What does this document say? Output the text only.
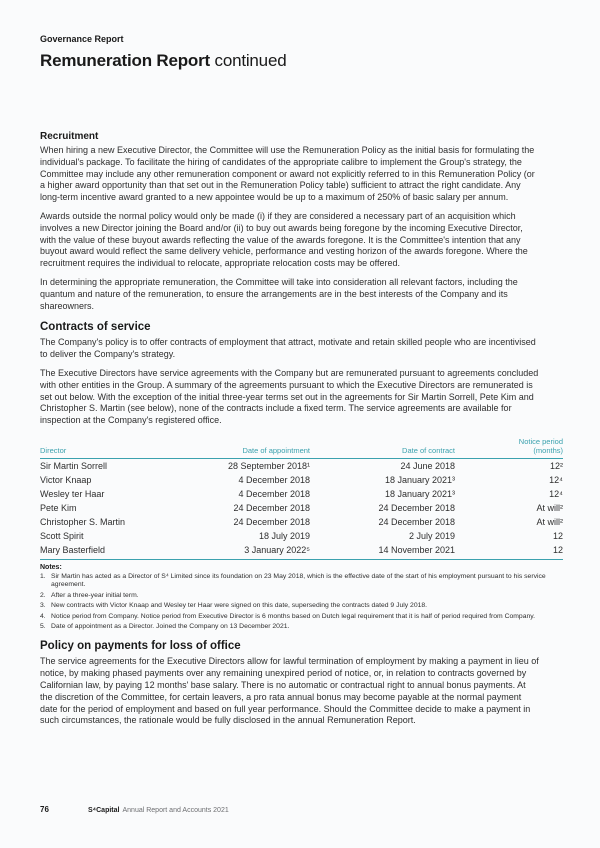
Governance Report
Remuneration Report continued
Recruitment

When hiring a new Executive Director, the Committee will use the Remuneration Policy as the initial basis for formulating the individual's package. To facilitate the hiring of candidates of the appropriate calibre to implement the Group's strategy, the Committee may include any other remuneration component or award not explicitly referred to in this Remuneration Policy (or a higher award opportunity than that set out in the Remuneration Policy table) sufficient to attract the right candidate. Any long-term incentive award granted to a new appointee would be up to a maximum of 250% of basic salary per annum.

Awards outside the normal policy would only be made (i) if they are considered a necessary part of an acquisition which involves a new Director joining the Board and/or (ii) to buy out awards being foregone by the incoming Executive Director, with the value of these buyout awards reflecting the value of the awards foregone. It is the Committee's intention that any buyout award would reflect the same delivery vehicle, performance and vesting horizon of the awards foregone. Where the recruitment requires the individual to relocate, appropriate relocation costs may be offered.

In determining the appropriate remuneration, the Committee will take into consideration all relevant factors, including the quantum and nature of the remuneration, to ensure the arrangements are in the best interests of the Company and its shareowners.

Contracts of service

The Company's policy is to offer contracts of employment that attract, motivate and retain skilled people who are incentivised to deliver the Company's strategy.

The Executive Directors have service agreements with the Company but are remunerated pursuant to agreements concluded with other entities in the Group. A summary of the agreements pursuant to which the Executive Directors are remunerated is set out below. With the exception of the initial three-year terms set out in the agreements for Sir Martin Sorrell, Pete Kim and Christopher S. Martin (see below), none of the contracts include a fixed term. The service agreements are available for inspection at the Company's registered office.

Director	Date of appointment	Date of contract	Notice period
(months)

Sir Martin Sorrell	28 September 2018¹	24 June 2018	12²
Victor Knaap	4 December 2018	18 January 2021³	12⁴
Wesley ter Haar	4 December 2018	18 January 2021³	12⁴
Pete Kim	24 December 2018	24 December 2018	At will²
Christopher S. Martin	24 December 2018	24 December 2018	At will²
Scott Spirit	18 July 2019	2 July 2019	12
Mary Basterfield	3 January 2022⁵	14 November 2021	12
Notes:
1. Sir Martin has acted as a Director of S⁴ Limited since its foundation on 23 May 2018, which is the effective date of the start of his employment pursuant to his service agreement.
2. After a three-year initial term.
3. New contracts with Victor Knaap and Wesley ter Haar were signed on this date, superseding the contracts dated 9 July 2018.
4. Notice period from Company. Notice period from Executive Director is 6 months based on Dutch legal requirement that it is half of period required from Company.
5. Date of appointment as a Director. Joined the Company on 13 December 2021.
Policy on payments for loss of office

The service agreements for the Executive Directors allow for lawful termination of employment by making a payment in lieu of notice, by making phased payments over any remaining unexpired period of notice, or, in relation to contracts governed by Californian law, by paying 12 months' base salary. There is no automatic or contractual right to annual bonus payments. At the discretion of the Committee, for certain leavers, a pro rata annual bonus may become payable at the normal payment date for the period of employment and based on full year performance. Should the Committee decide to make a payment in such circumstances, the rationale would be fully disclosed in the annual Remuneration Report.

76	S⁴Capital Annual Report and Accounts 2021
